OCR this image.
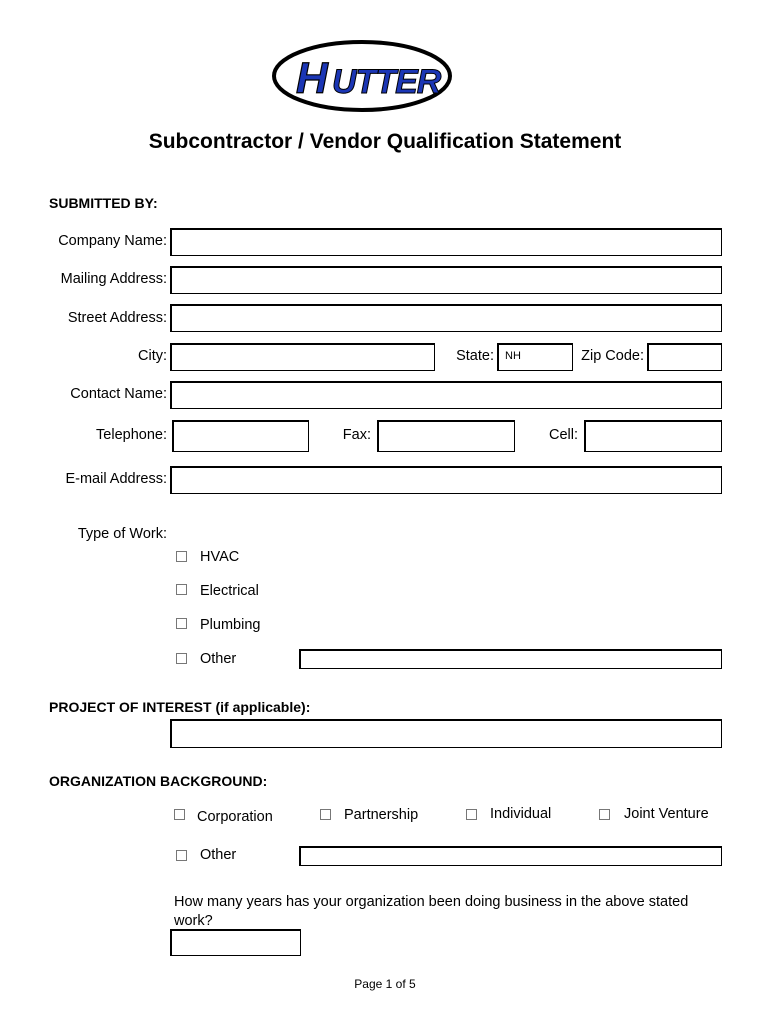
H UTTER
Subcontractor / Vendor Qualification Statement
SUBMITTED BY:
Company Name:
Mailing Address:
Street Address:
City:	State:	NH	Zip Code:
Contact Name:
Telephone:	Fax:	Cell:
E-mail Address:
Type of Work:
HVAC
Electrical
Plumbing
Other
PROJECT OF INTEREST (if applicable):
ORGANIZATION BACKGROUND:
Corporation	Partnership	Individual	Joint Venture
Other
How many years has your organization been doing business in the above stated
work?
Page 1 of 5
